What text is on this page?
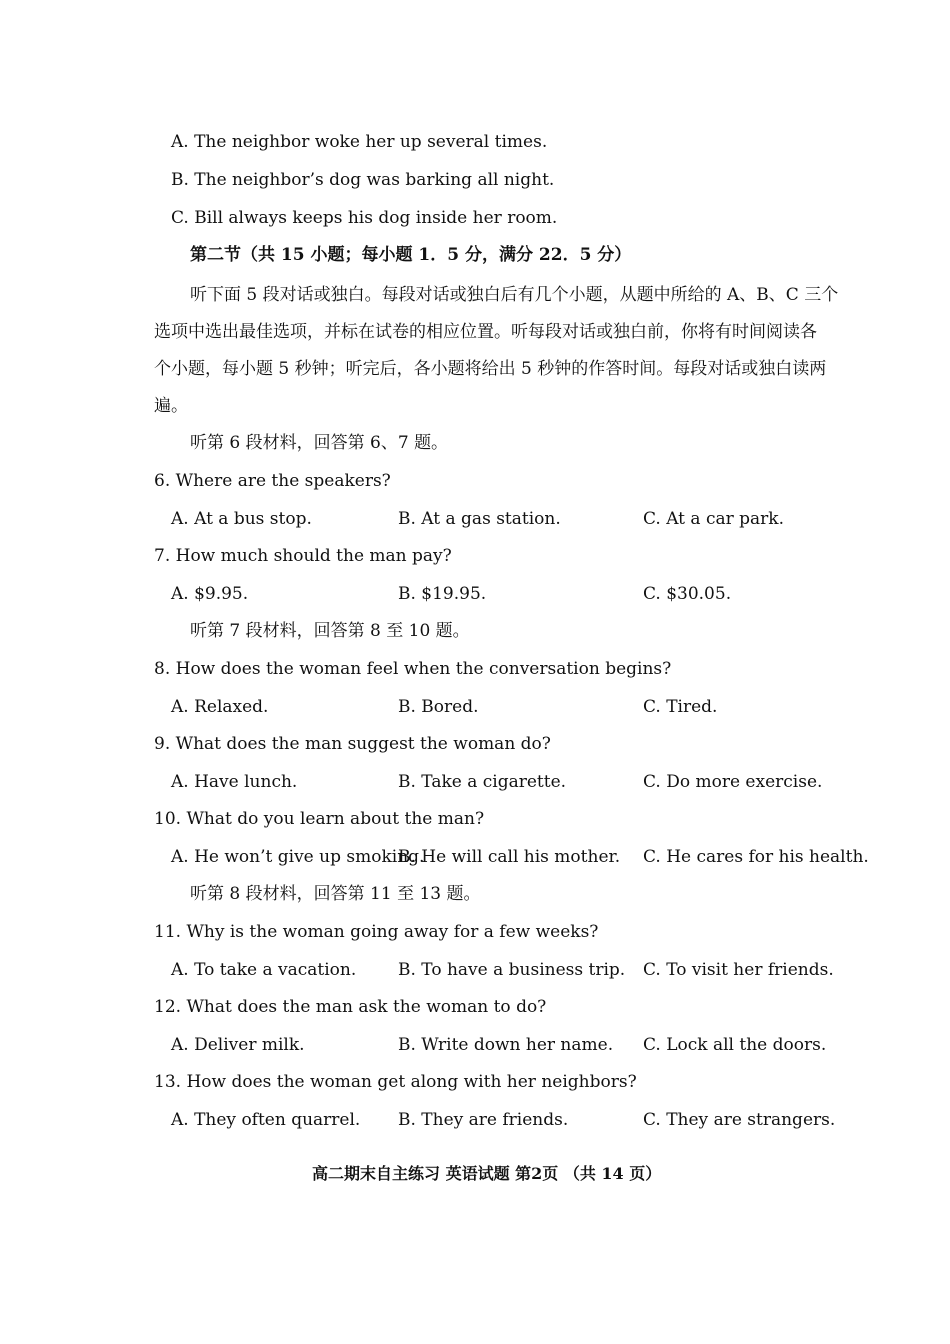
A. The neighbor woke her up several times.
B. The neighbor’s dog was barking all night.
C. Bill always keeps his dog inside her room.
第二节（共 15 小题；每小题 1．5 分，满分 22．5 分）
听下面 5 段对话或独白。每段对话或独白后有几个小题，从题中所给的 A、B、C 三个
选项中选出最佳选项，并标在试卷的相应位置。听每段对话或独白前，你将有时间阅读各
个小题，每小题 5 秒钟；听完后，各小题将给出 5 秒钟的作答时间。每段对话或独白读两
遍。
听第 6 段材料，回答第 6、7 题。
6. Where are the speakers?
A. At a bus stop.	B. At a gas station.	C. At a car park.
7. How much should the man pay?
A. $9.95.	B. $19.95.	C. $30.05.
听第 7 段材料，回答第 8 至 10 题。
8. How does the woman feel when the conversation begins?
A. Relaxed.	B. Bored.	C. Tired.
9. What does the man suggest the woman do?
A. Have lunch.	B. Take a cigarette.	C. Do more exercise.
10. What do you learn about the man?
A. He won’t give up smoking.
B. He will call his mother. C. He cares for his health.
听第 8 段材料，回答第 11 至 13 题。
11. Why is the woman going away for a few weeks?
A. To take a vacation. B. To have a business trip. C. To visit her friends.
12. What does the man ask the woman to do?
A. Deliver milk.	B. Write down her name. C. Lock all the doors.
13. How does the woman get along with her neighbors?
A. They often quarrel. B. They are friends.	C. They are strangers.
高二期末自主练习 英语试题 第2页 （共 14 页）
